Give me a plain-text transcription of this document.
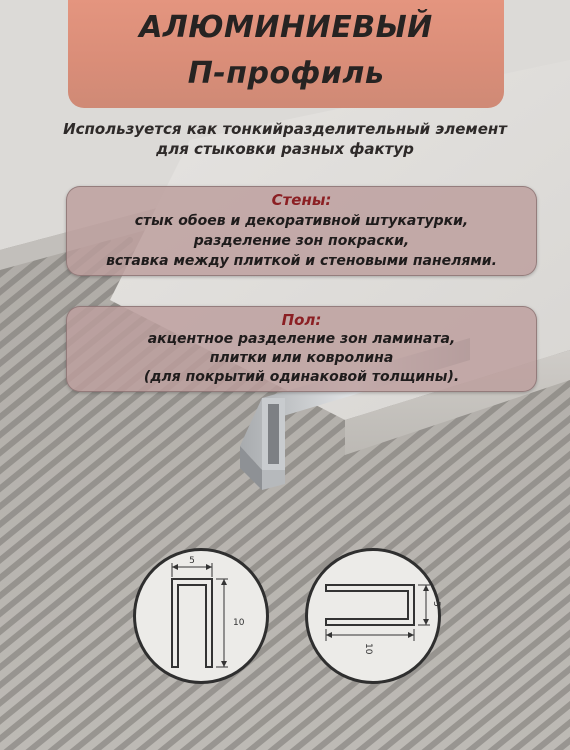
АЛЮМИНИЕВЫЙ
П-профиль
Используется как тонкийразделительный элемент
для стыковки разных фактур
Стены:
стык обоев и декоративной штукатурки,
разделение зон покраски,
вставка между плиткой и стеновыми панелями.
Пол:
акцентное разделение зон ламината,
плитки или ковролина
(для покрытий одинаковой толщины).
5
10
5
10
